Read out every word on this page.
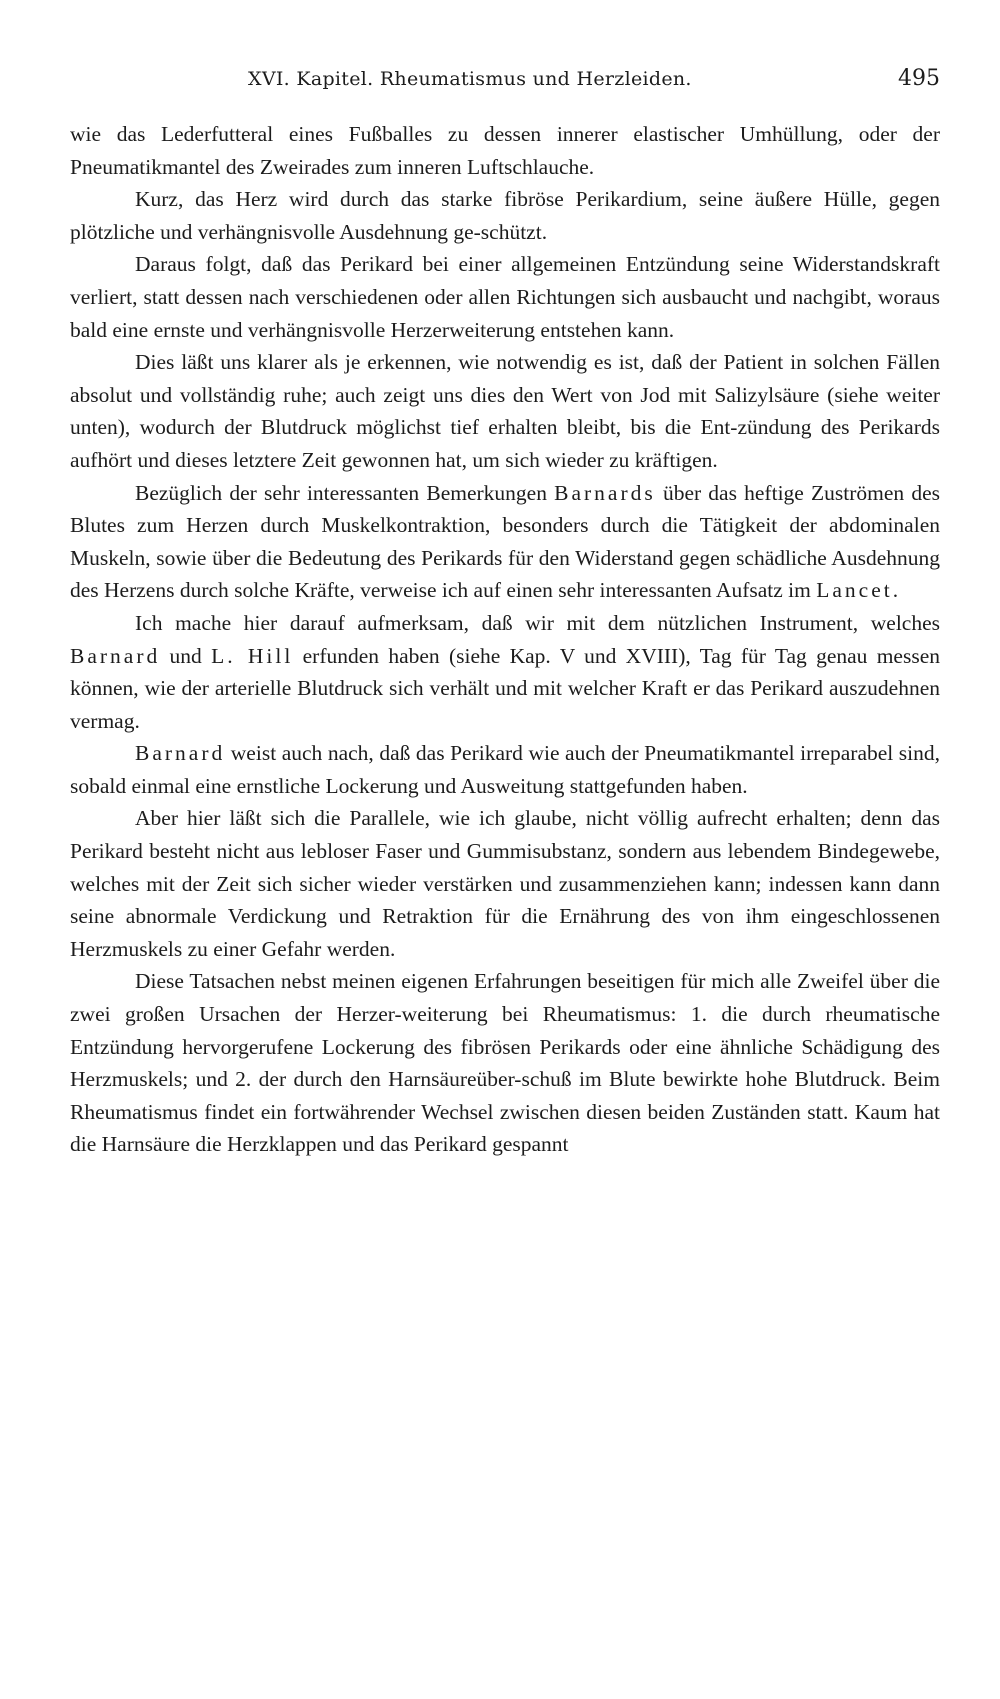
XVI. Kapitel. Rheumatismus und Herzleiden.	495

wie das Lederfutteral eines Fußballes zu dessen innerer elastischer Umhüllung, oder der Pneumatikmantel des Zweirades zum inneren Luftschlauche.

Kurz, das Herz wird durch das starke fibröse Perikardium, seine äußere Hülle, gegen plötzliche und verhängnisvolle Ausdehnung ge-schützt.

Daraus folgt, daß das Perikard bei einer allgemeinen Entzündung seine Widerstandskraft verliert, statt dessen nach verschiedenen oder allen Richtungen sich ausbaucht und nachgibt, woraus bald eine ernste und verhängnisvolle Herzerweiterung entstehen kann.

Dies läßt uns klarer als je erkennen, wie notwendig es ist, daß der Patient in solchen Fällen absolut und vollständig ruhe; auch zeigt uns dies den Wert von Jod mit Salizylsäure (siehe weiter unten), wodurch der Blutdruck möglichst tief erhalten bleibt, bis die Ent-zündung des Perikards aufhört und dieses letztere Zeit gewonnen hat, um sich wieder zu kräftigen.

Bezüglich der sehr interessanten Bemerkungen Barnards über das heftige Zuströmen des Blutes zum Herzen durch Muskelkontraktion, besonders durch die Tätigkeit der abdominalen Muskeln, sowie über die Bedeutung des Perikards für den Widerstand gegen schädliche Ausdehnung des Herzens durch solche Kräfte, verweise ich auf einen sehr interessanten Aufsatz im Lancet.

Ich mache hier darauf aufmerksam, daß wir mit dem nützlichen Instrument, welches Barnard und L. Hill erfunden haben (siehe Kap. V und XVIII), Tag für Tag genau messen können, wie der arterielle Blutdruck sich verhält und mit welcher Kraft er das Perikard auszudehnen vermag.

Barnard weist auch nach, daß das Perikard wie auch der Pneumatikmantel irreparabel sind, sobald einmal eine ernstliche Lockerung und Ausweitung stattgefunden haben.

Aber hier läßt sich die Parallele, wie ich glaube, nicht völlig aufrecht erhalten; denn das Perikard besteht nicht aus lebloser Faser und Gummisubstanz, sondern aus lebendem Bindegewebe, welches mit der Zeit sich sicher wieder verstärken und zusammenziehen kann; indessen kann dann seine abnormale Verdickung und Retraktion für die Ernährung des von ihm eingeschlossenen Herzmuskels zu einer Gefahr werden.

Diese Tatsachen nebst meinen eigenen Erfahrungen beseitigen für mich alle Zweifel über die zwei großen Ursachen der Herzer-weiterung bei Rheumatismus: 1. die durch rheumatische Entzündung hervorgerufene Lockerung des fibrösen Perikards oder eine ähnliche Schädigung des Herzmuskels; und 2. der durch den Harnsäureüber-schuß im Blute bewirkte hohe Blutdruck. Beim Rheumatismus findet ein fortwährender Wechsel zwischen diesen beiden Zuständen statt. Kaum hat die Harnsäure die Herzklappen und das Perikard gespannt
